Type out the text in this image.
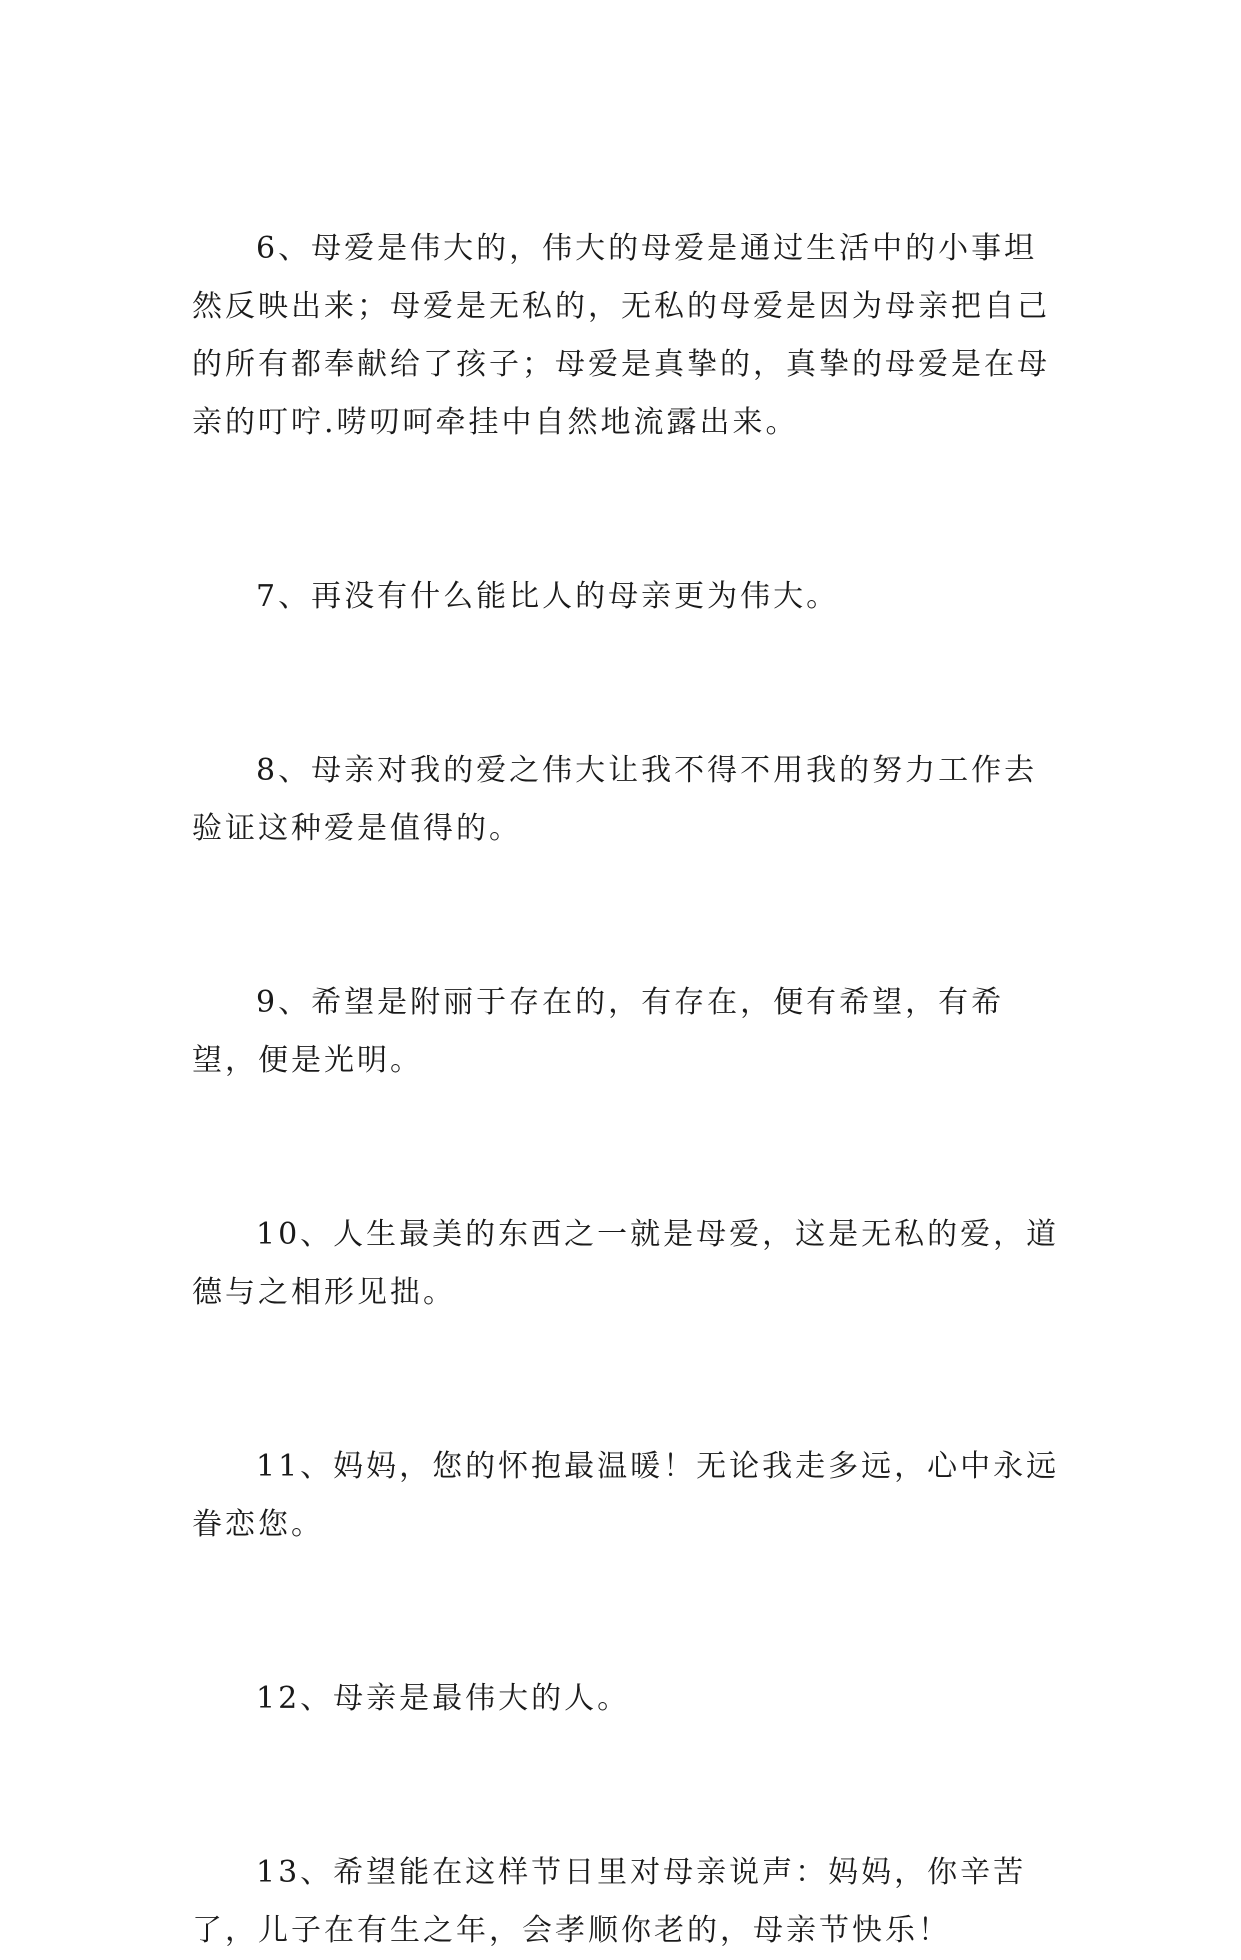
6、母爱是伟大的，伟大的母爱是通过生活中的小事坦然反映出来；母爱是无私的，无私的母爱是因为母亲把自己的所有都奉献给了孩子；母爱是真挚的，真挚的母爱是在母亲的叮咛.唠叨呵牵挂中自然地流露出来。

7、再没有什么能比人的母亲更为伟大。

8、母亲对我的爱之伟大让我不得不用我的努力工作去验证这种爱是值得的。

9、希望是附丽于存在的，有存在，便有希望，有希望，便是光明。

10、人生最美的东西之一就是母爱，这是无私的爱，道德与之相形见拙。

11、妈妈，您的怀抱最温暖！无论我走多远，心中永远眷恋您。

12、母亲是最伟大的人。

13、希望能在这样节日里对母亲说声：妈妈，你辛苦了，儿子在有生之年，会孝顺你老的，母亲节快乐！
